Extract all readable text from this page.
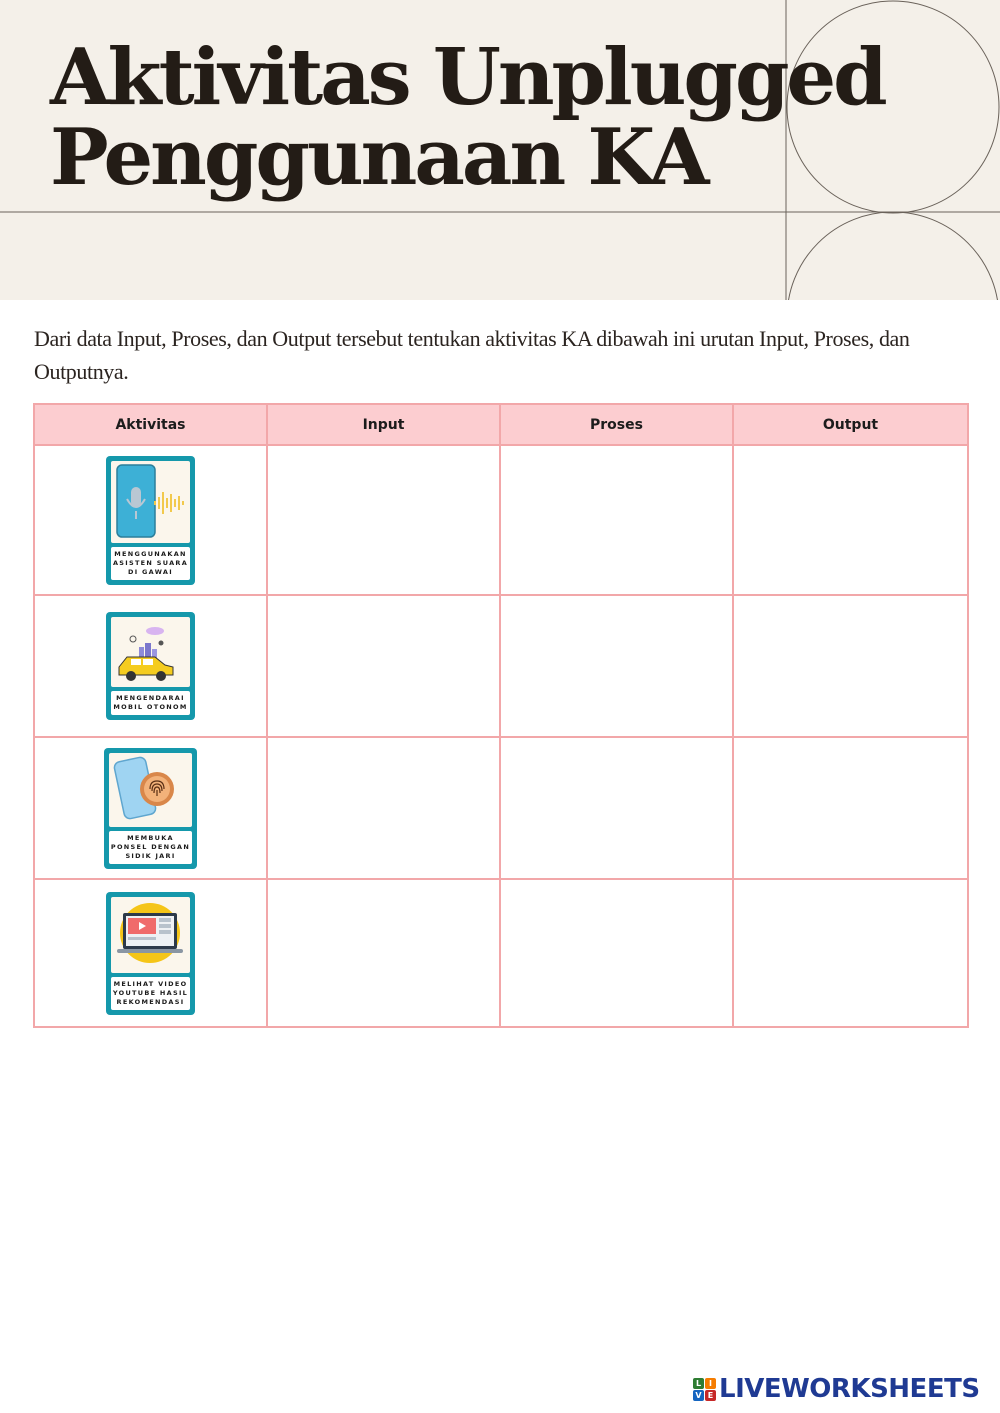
Aktivitas Unplugged
Penggunaan KA

Dari data Input, Proses, dan Output tersebut tentukan aktivitas KA dibawah ini urutan Input, Proses, dan Outputnya.

Aktivitas	Input	Proses	Output

MENGGUNAKAN
ASISTEN SUARA
DI GAWAI			

MENGENDARAI
MOBIL OTONOM			

MEMBUKA
PONSEL DENGAN
SIDIK JARI			

MELIHAT VIDEO
YOUTUBE HASIL
REKOMENDASI			

L I
V E LIVEWORKSHEETS
